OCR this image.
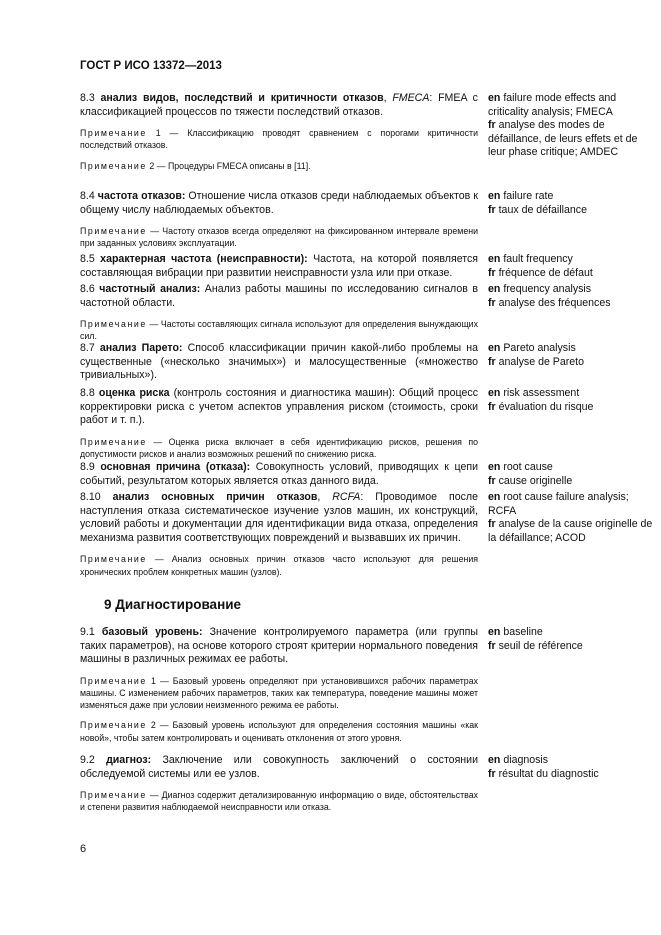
ГОСТ Р ИСО 13372—2013
8.3 анализ видов, последствий и критичности отказов, FMECA: FMEA с классификацией процессов по тяжести последствий отказов.
Примечание 1 — Классификацию проводят сравнением с порогами критичности последствий отказов.
Примечание 2 — Процедуры FMECA описаны в [11].
en failure mode effects and criticality analysis; FMECA
fr analyse des modes de défaillance, de leurs effets et de leur phase critique; AMDEC
8.4 частота отказов: Отношение числа отказов среди наблюдаемых объектов к общему числу наблюдаемых объектов.
Примечание — Частоту отказов всегда определяют на фиксированном интервале времени при заданных условиях эксплуатации.
en failure rate
fr taux de défaillance
8.5 характерная частота (неисправности): Частота, на которой появляется составляющая вибрации при развитии неисправности узла или при отказе.
en fault frequency
fr fréquence de défaut
8.6 частотный анализ: Анализ работы машины по исследованию сигналов в частотной области.
Примечание — Частоты составляющих сигнала используют для определения вынуждающих сил.
en frequency analysis
fr analyse des fréquences
8.7 анализ Парето: Способ классификации причин какой-либо проблемы на существенные («несколько значимых») и малосущественные («множество тривиальных»).
en Pareto analysis
fr analyse de Pareto
8.8 оценка риска (контроль состояния и диагностика машин): Общий процесс корректировки риска с учетом аспектов управления риском (стоимость, сроки работ и т. п.).
Примечание — Оценка риска включает в себя идентификацию рисков, решения по допустимости рисков и анализ возможных решений по снижению риска.
en risk assessment
fr évaluation du risque
8.9 основная причина (отказа): Совокупность условий, приводящих к цепи событий, результатом которых является отказ данного вида.
en root cause
fr cause originelle
8.10 анализ основных причин отказов, RCFA: Проводимое после наступления отказа систематическое изучение узлов машин, их конструкций, условий работы и документации для идентификации вида отказа, определения механизма развития соответствующих повреждений и вызвавших их причин.
Примечание — Анализ основных причин отказов часто используют для решения хронических проблем конкретных машин (узлов).
en root cause failure analysis; RCFA
fr analyse de la cause originelle de la défaillance; ACOD
9 Диагностирование
9.1 базовый уровень: Значение контролируемого параметра (или группы таких параметров), на основе которого строят критерии нормального поведения машины в различных режимах ее работы.
Примечание 1 — Базовый уровень определяют при установившихся рабочих параметрах машины. С изменением рабочих параметров, таких как температура, поведение машины может изменяться даже при условии неизменного режима ее работы.
Примечание 2 — Базовый уровень используют для определения состояния машины «как новой», чтобы затем контролировать и оценивать отклонения от этого уровня.
en baseline
fr seuil de référence
9.2 диагноз: Заключение или совокупность заключений о состоянии обследуемой системы или ее узлов.
Примечание — Диагноз содержит детализированную информацию о виде, обстоятельствах и степени развития наблюдаемой неисправности или отказа.
en diagnosis
fr résultat du diagnostic
6
